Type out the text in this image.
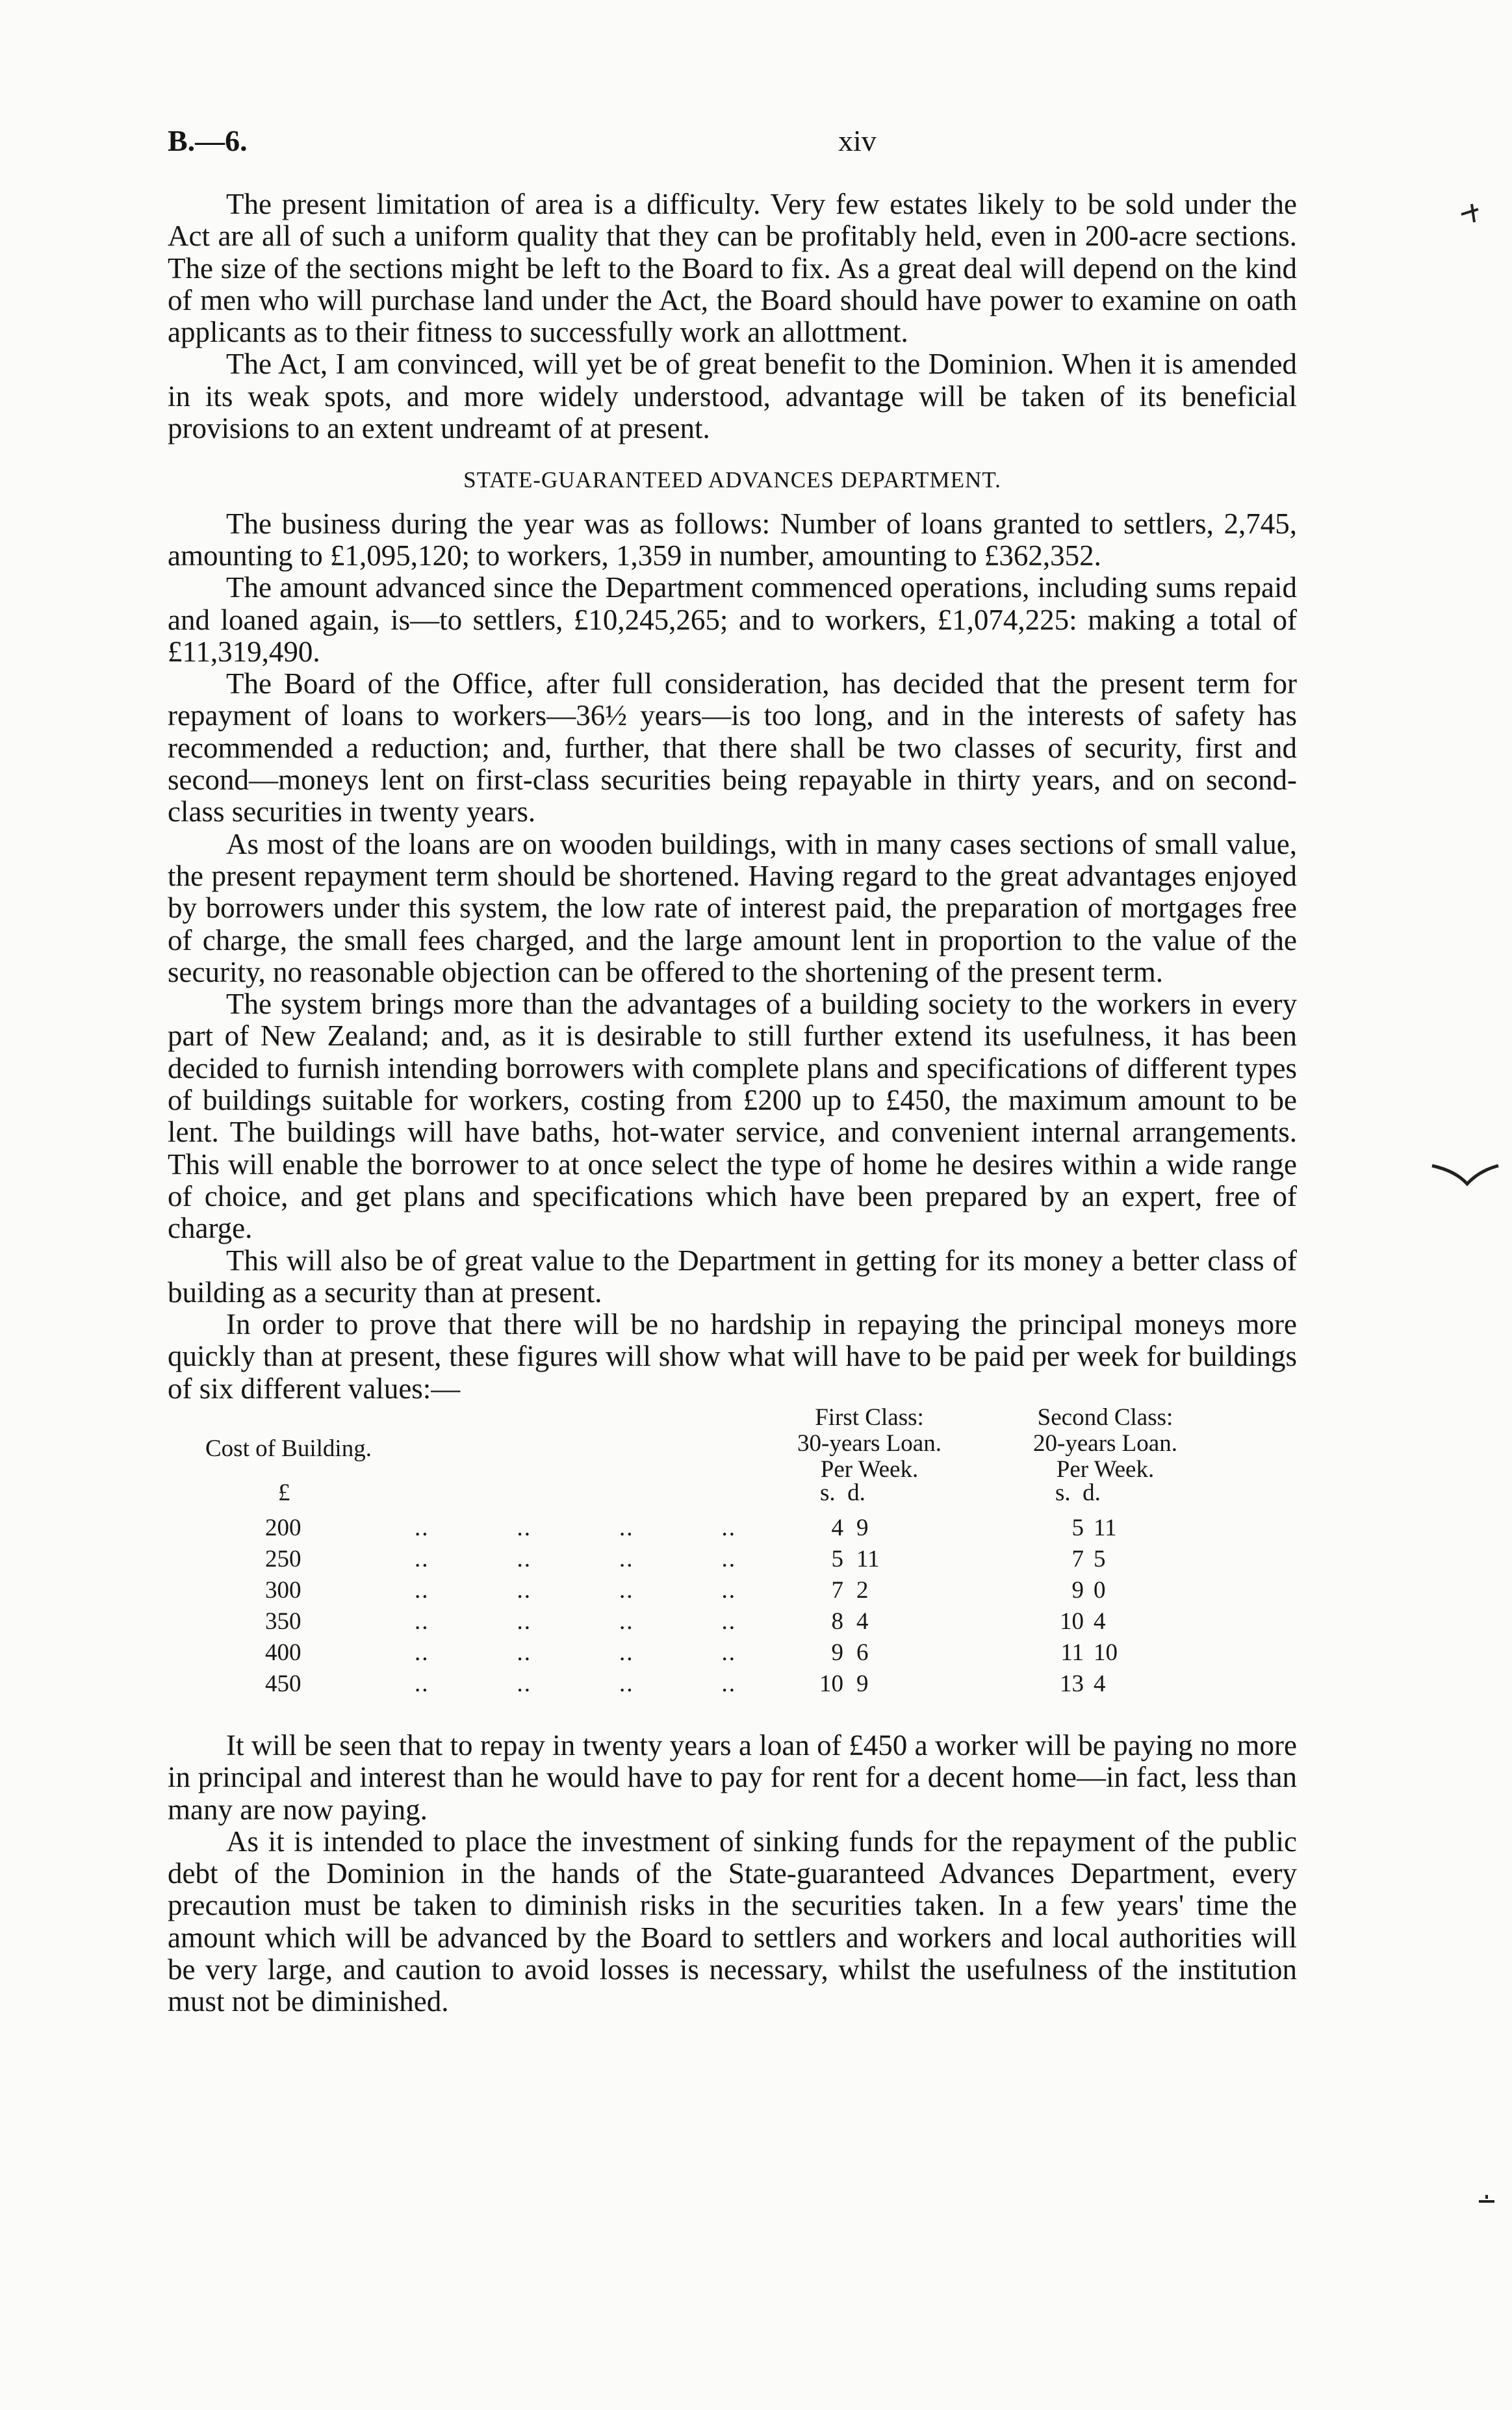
B.—6.	xiv

The present limitation of area is a difficulty. Very few estates likely to be sold under the Act are all of such a uniform quality that they can be profitably held, even in 200-acre sections. The size of the sections might be left to the Board to fix. As a great deal will depend on the kind of men who will purchase land under the Act, the Board should have power to examine on oath applicants as to their fitness to successfully work an allottment.

The Act, I am convinced, will yet be of great benefit to the Dominion. When it is amended in its weak spots, and more widely understood, advantage will be taken of its beneficial provisions to an extent undreamt of at present.

STATE-GUARANTEED ADVANCES DEPARTMENT.

The business during the year was as follows: Number of loans granted to settlers, 2,745, amounting to £1,095,120; to workers, 1,359 in number, amounting to £362,352.

The amount advanced since the Department commenced operations, including sums repaid and loaned again, is—to settlers, £10,245,265; and to workers, £1,074,225: making a total of £11,319,490.

The Board of the Office, after full consideration, has decided that the present term for repayment of loans to workers—36½ years—is too long, and in the interests of safety has recommended a reduction; and, further, that there shall be two classes of security, first and second—moneys lent on first-class securities being repayable in thirty years, and on second-class securities in twenty years.

As most of the loans are on wooden buildings, with in many cases sections of small value, the present repayment term should be shortened. Having regard to the great advantages enjoyed by borrowers under this system, the low rate of interest paid, the preparation of mortgages free of charge, the small fees charged, and the large amount lent in proportion to the value of the security, no reasonable objection can be offered to the shortening of the present term.

The system brings more than the advantages of a building society to the workers in every part of New Zealand; and, as it is desirable to still further extend its usefulness, it has been decided to furnish intending borrowers with complete plans and specifications of different types of buildings suitable for workers, costing from £200 up to £450, the maximum amount to be lent. The buildings will have baths, hot-water service, and convenient internal arrangements. This will enable the borrower to at once select the type of home he desires within a wide range of choice, and get plans and specifications which have been prepared by an expert, free of charge.

This will also be of great value to the Department in getting for its money a better class of building as a security than at present.

In order to prove that there will be no hardship in repaying the principal moneys more quickly than at present, these figures will show what will have to be paid per week for buildings of six different values:—

Cost of Building.
First Class:
30-years Loan.
Per Week.
Second Class:
20-years Loan.
Per Week.
£	s.  d.	s.  d.
200	..            ..            ..            ..	4 9	5 11
250	..            ..            ..            ..	5 11	7 5
300	..            ..            ..            ..	7 2	9 0
350	..            ..            ..            ..	8 4	10 4
400	..            ..            ..            ..	9 6	11 10
450	..            ..            ..            ..	10 9	13 4

It will be seen that to repay in twenty years a loan of £450 a worker will be paying no more in principal and interest than he would have to pay for rent for a decent home—in fact, less than many are now paying.

As it is intended to place the investment of sinking funds for the repayment of the public debt of the Dominion in the hands of the State-guaranteed Advances Department, every precaution must be taken to diminish risks in the securities taken. In a few years' time the amount which will be advanced by the Board to settlers and workers and local authorities will be very large, and caution to avoid losses is necessary, whilst the usefulness of the institution must not be diminished.
